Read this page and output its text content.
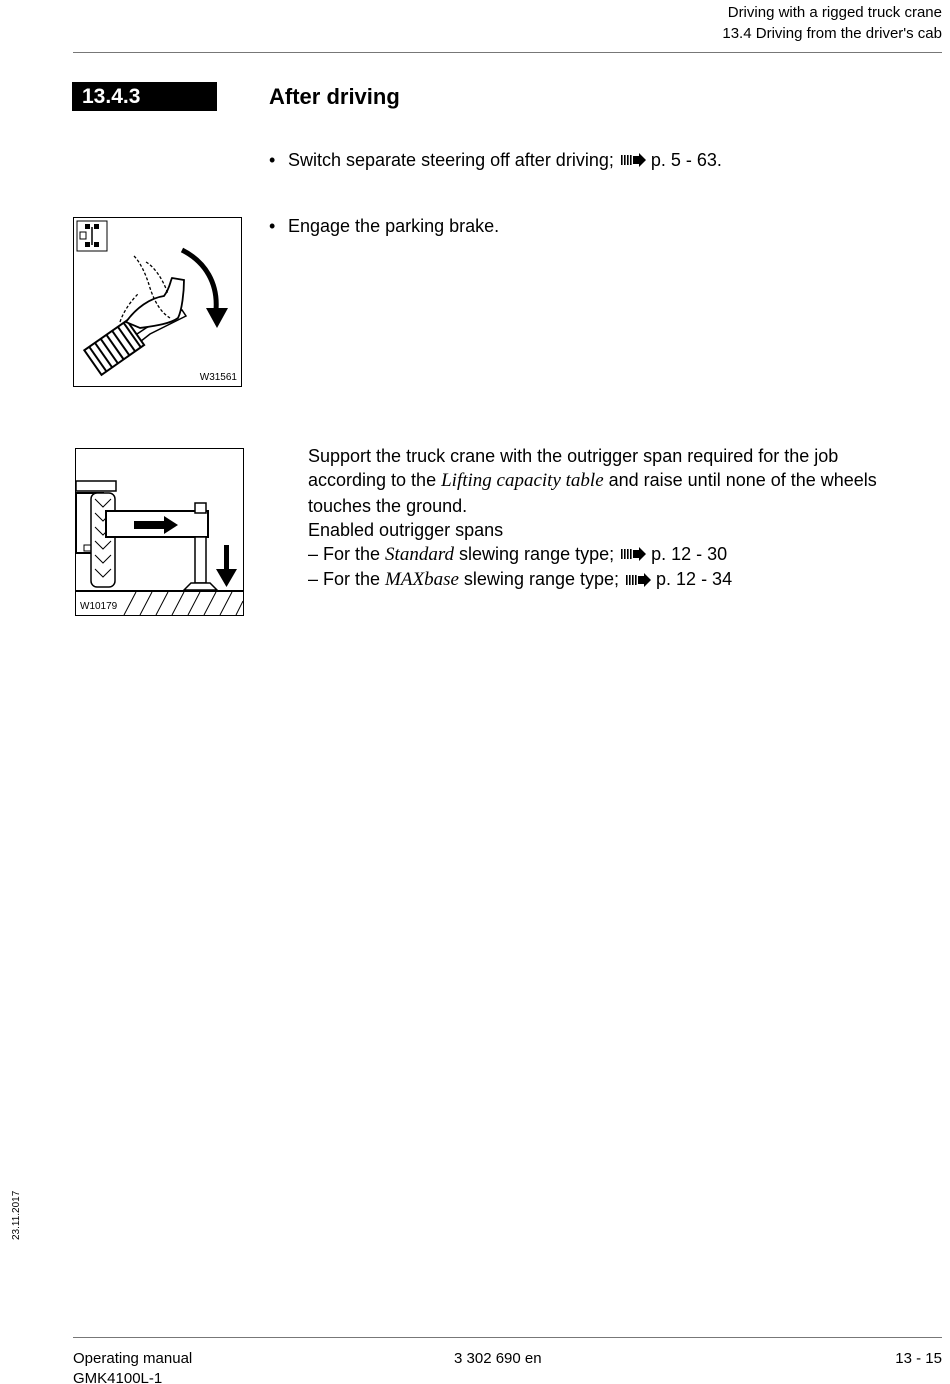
Driving with a rigged truck crane
13.4 Driving from the driver's cab
13.4.3	After driving
• Switch separate steering off after driving; p. 5 - 63.
• Engage the parking brake.
W31561
W10179
Support the truck crane with the outrigger span required for the job
according to the Lifting capacity table and raise until none of the wheels
touches the ground.
Enabled outrigger spans
– For the Standard slewing range type; p. 12 - 30
– For the MAXbase slewing range type; p. 12 - 34
23.11.2017
Operating manual
GMK4100L-1
3 302 690 en	13 - 15
